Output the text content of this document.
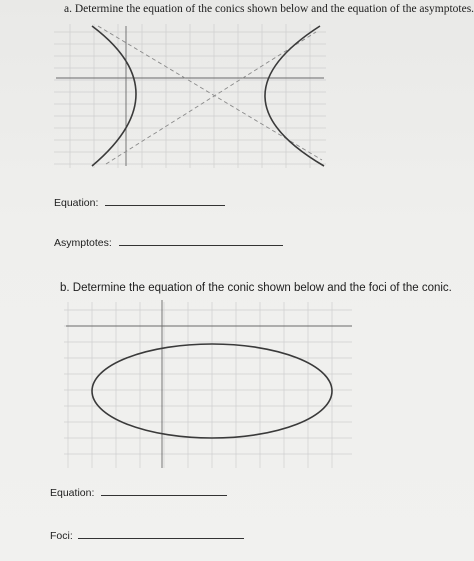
a. Determine the equation of the conics shown below and the equation of the asymptotes.
Equation:
Asymptotes:
b. Determine the equation of the conic shown below and the foci of the conic.
Equation:
Foci:
